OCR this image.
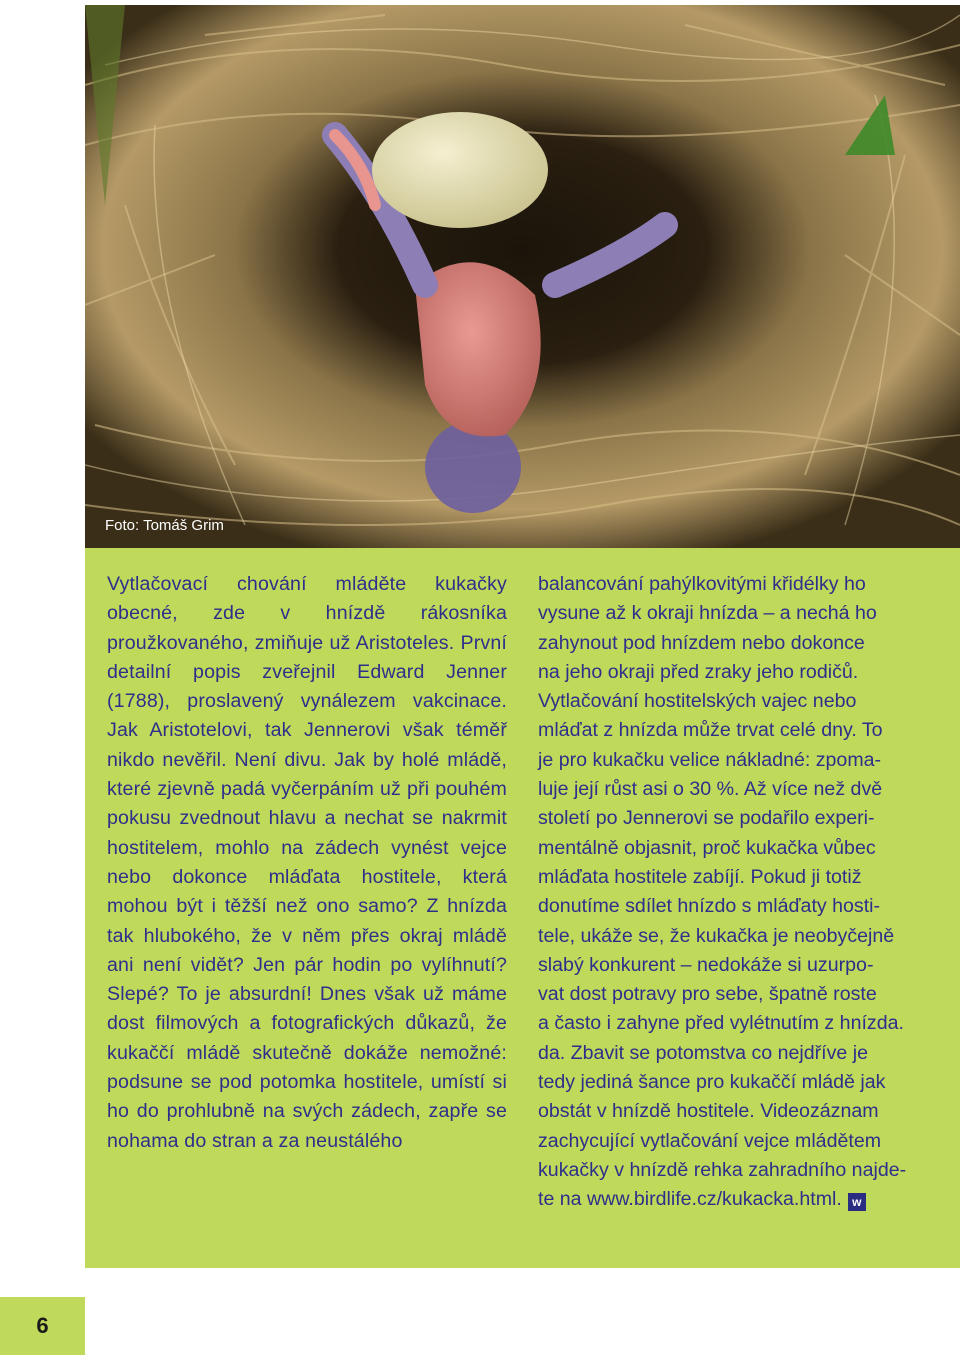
Foto: Tomáš Grim

Vytlačovací chování mláděte kukačky obecné, zde v hnízdě rákosníka proužkovaného, zmiňuje už Aristoteles. První detailní popis zveřejnil Edward Jenner (1788), proslavený vynálezem vakcinace. Jak Aristotelovi, tak Jennerovi však téměř nikdo nevěřil. Není divu. Jak by holé mládě, které zjevně padá vyčerpáním už při pouhém pokusu zvednout hlavu a nechat se nakrmit hostitelem, mohlo na zádech vynést vejce nebo dokonce mláďata hostitele, která mohou být i těžší než ono samo? Z hnízda tak hlubokého, že v něm přes okraj mládě ani není vidět? Jen pár hodin po vylíhnutí? Slepé? To je absurdní! Dnes však už máme dost filmových a fotografických důkazů, že kukaččí mládě skutečně dokáže nemožné: podsune se pod potomka hostitele, umístí si ho do prohlubně na svých zádech, zapře se nohama do stran a za neustálého

balancování pahýlkovitými křidélky ho
vysune až k okraji hnízda – a nechá ho
zahynout pod hnízdem nebo dokonce
na jeho okraji před zraky jeho rodičů.
Vytlačování hostitelských vajec nebo
mláďat z hnízda může trvat celé dny. To
je pro kukačku velice nákladné: zpoma-
luje její růst asi o 30 %. Až více než dvě
století po Jennerovi se podařilo experi-
mentálně objasnit, proč kukačka vůbec
mláďata hostitele zabíjí. Pokud ji totiž
donutíme sdílet hnízdo s mláďaty hosti-
tele, ukáže se, že kukačka je neobyčejně
slabý konkurent – nedokáže si uzurpo-
vat dost potravy pro sebe, špatně roste
a často i zahyne před vylétnutím z hnízda.
da. Zbavit se potomstva co nejdříve je
tedy jediná šance pro kukaččí mládě jak
obstát v hnízdě hostitele. Videozáznam
zachycující vytlačování vejce mládětem
kukačky v hnízdě rehka zahradního najde-
te na www.birdlife.cz/kukacka.html. w
6
